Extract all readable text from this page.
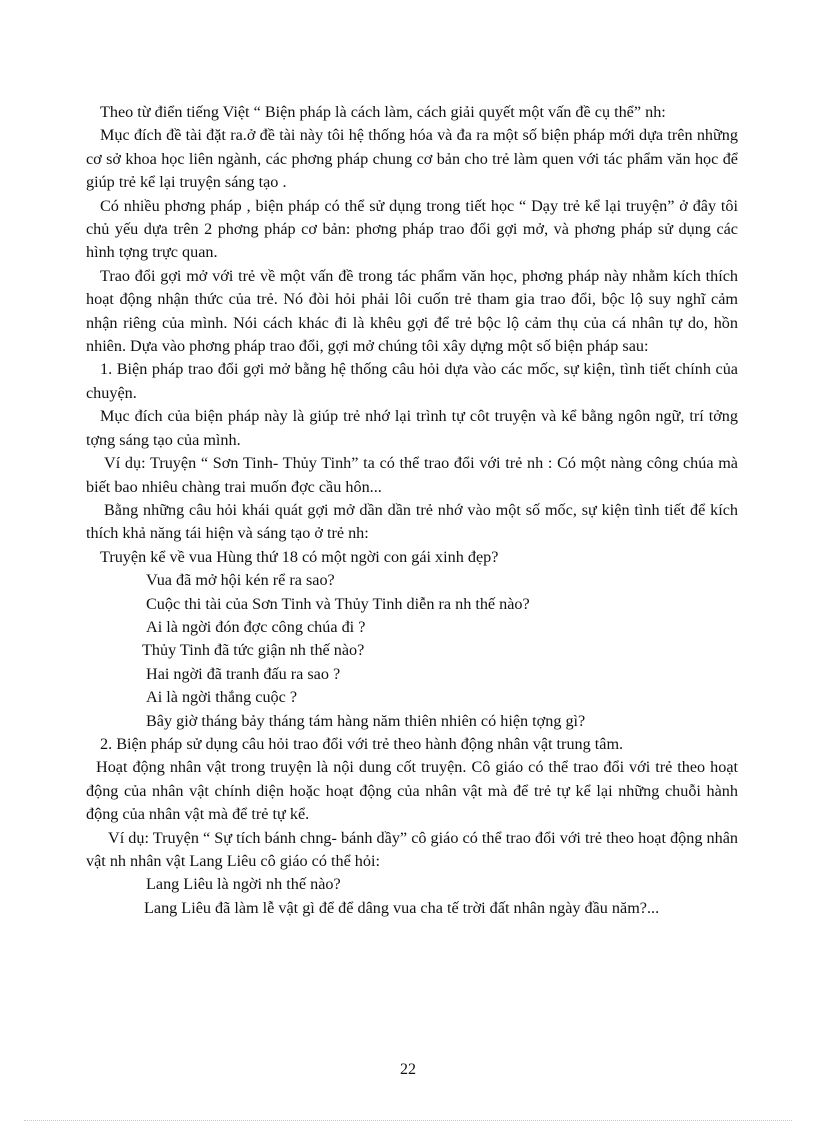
Theo từ điển tiếng Việt “ Biện pháp là cách làm, cách giải quyết một vấn đề cụ thể” nh:

Mục đích đề tài đặt ra.ở đề tài này tôi hệ thống hóa và đa ra một số biện pháp mới dựa trên những cơ sở khoa học liên ngành, các phơng pháp chung cơ bản cho trẻ làm quen với tác phẩm văn học để giúp trẻ kể lại truyện sáng tạo .

Có nhiều phơng pháp , biện pháp có thể sử dụng trong tiết học “ Dạy trẻ kể lại truyện” ở đây tôi chủ yếu dựa trên 2 phơng pháp cơ bản: phơng pháp trao đổi gợi mở, và phơng pháp sử dụng các hình tợng trực quan.

Trao đổi gợi mở với trẻ về một vấn đề trong tác phẩm văn học, phơng pháp này nhằm kích thích hoạt động nhận thức của trẻ. Nó đòi hỏi phải lôi cuốn trẻ tham gia trao đổi, bộc lộ suy nghĩ cảm nhận riêng của mình. Nói cách khác đi là khêu gợi để trẻ bộc lộ cảm thụ của cá nhân tự do, hồn nhiên. Dựa vào phơng pháp trao đổi, gợi mở chúng tôi xây dựng một số biện pháp sau:

1. Biện pháp trao đổi gợi mở bằng hệ thống câu hỏi dựa vào các mốc, sự kiện, tình tiết chính của chuyện.

Mục đích của biện pháp này là giúp trẻ nhớ lại trình tự côt truyện và kể bằng ngôn ngữ, trí tởng tợng sáng tạo của mình.

Ví dụ: Truyện “ Sơn Tinh- Thủy Tinh” ta có thể trao đổi với trẻ nh : Có một nàng công chúa mà biết bao nhiêu chàng trai muốn đợc cầu hôn...

Bằng những câu hỏi khái quát gợi mở dần dần trẻ nhớ vào một số mốc, sự kiện tình tiết để kích thích khả năng tái hiện và sáng tạo ở trẻ nh:

Truyện kể về vua Hùng thứ 18 có một ngời con gái xinh đẹp?

Vua đã mở hội kén rể ra sao?

Cuộc thi tài của Sơn Tinh và Thủy Tinh diễn ra nh thế nào?

Ai là ngời đón đợc công chúa đi ?

Thủy Tinh đã tức giận nh thế nào?

Hai ngời đã tranh đấu ra sao ?

Ai là ngời thắng cuộc ?

Bây giờ tháng bảy tháng tám hàng năm thiên nhiên có hiện tợng gì?

2. Biện pháp sử dụng câu hỏi trao đổi với trẻ theo hành động nhân vật trung tâm.

Hoạt động nhân vật trong truyện là nội dung cốt truyện. Cô giáo có thể trao đổi với trẻ theo hoạt động của nhân vật chính diện hoặc hoạt động của nhân vật mà để trẻ tự kể lại những chuỗi hành động của nhân vật mà để trẻ tự kể.

Ví dụ: Truyện “ Sự tích bánh chng- bánh dầy” cô giáo có thể trao đổi với trẻ theo hoạt động nhân vật nh nhân vật Lang Liêu cô giáo có thể hỏi:

Lang Liêu là ngời nh thế nào?

Lang Liêu đã làm lễ vật gì để để dâng vua cha tế trời đất nhân ngày đầu năm?...

22
